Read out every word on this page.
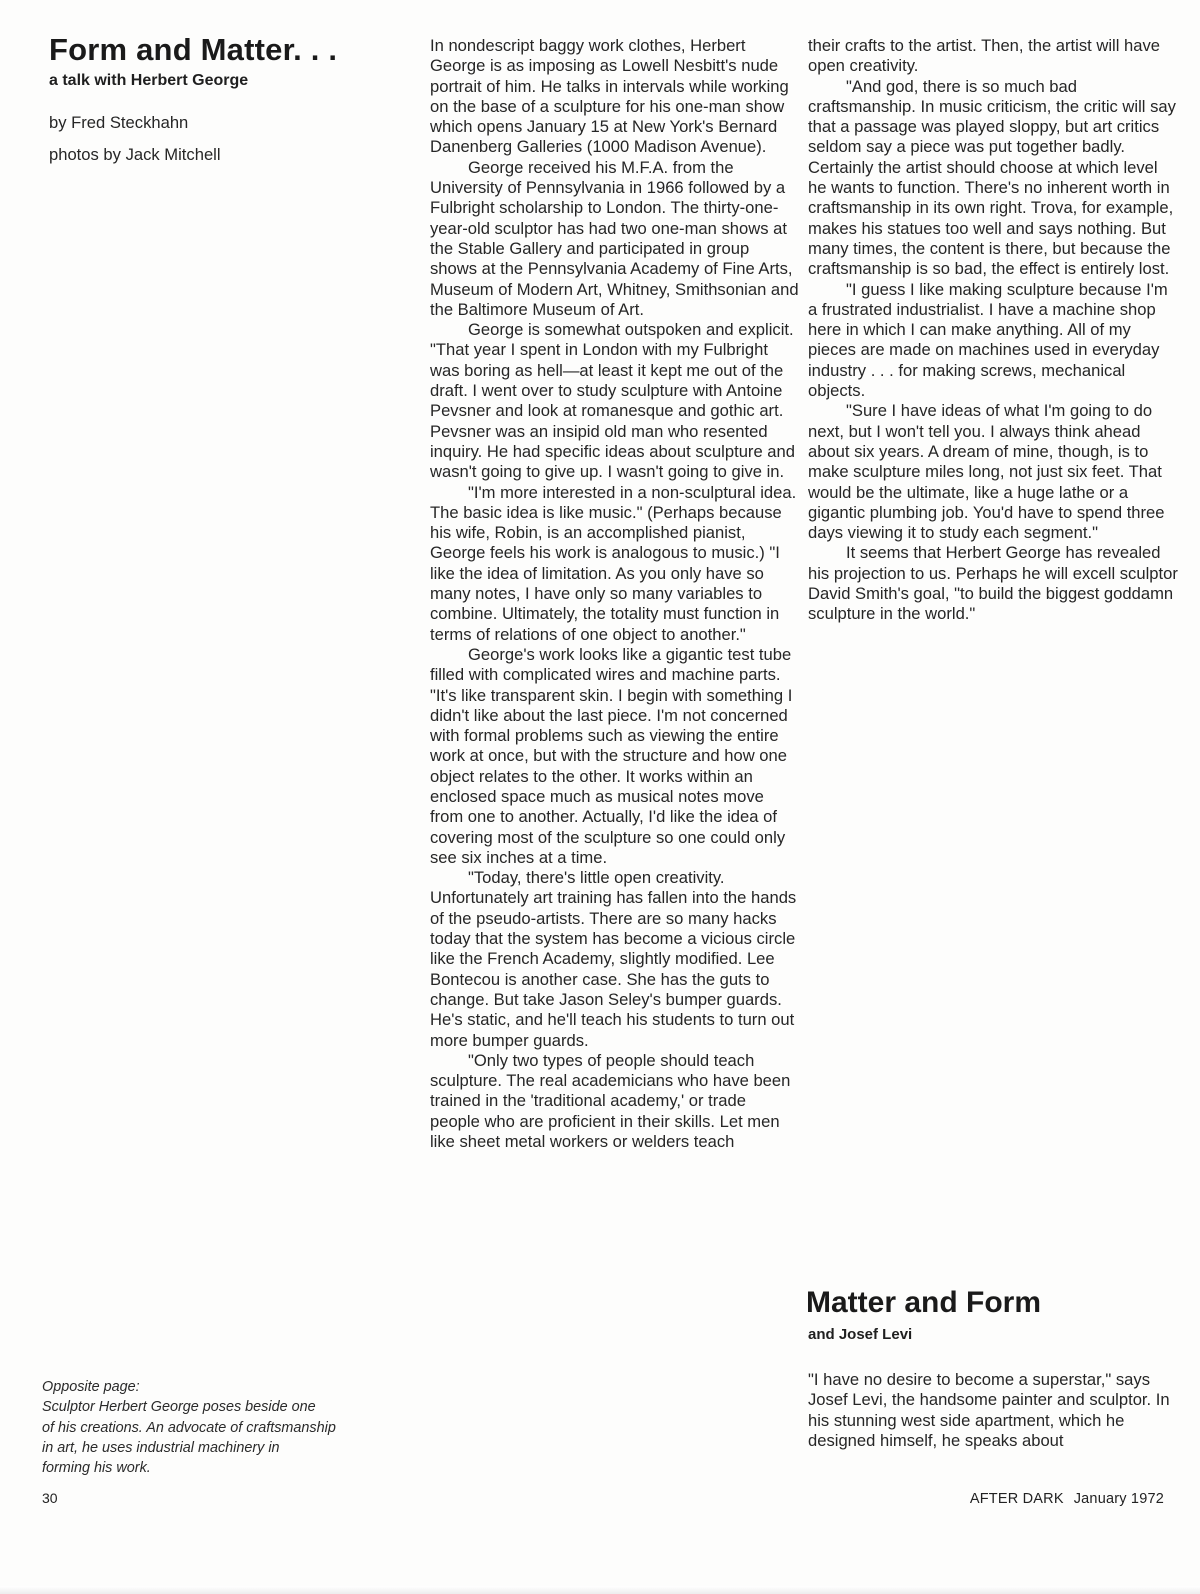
Form and Matter. . .
a talk with Herbert George
by Fred Steckhahn
photos by Jack Mitchell

In nondescript baggy work clothes, Herbert George is as imposing as Lowell Nesbitt's nude portrait of him. He talks in intervals while working on the base of a sculpture for his one-man show which opens January 15 at New York's Bernard Danenberg Galleries (1000 Madison Avenue).

George received his M.F.A. from the University of Pennsylvania in 1966 followed by a Fulbright scholarship to London. The thirty-one-year-old sculptor has had two one-man shows at the Stable Gallery and participated in group shows at the Pennsylvania Academy of Fine Arts, Museum of Modern Art, Whitney, Smithsonian and the Baltimore Museum of Art.

George is somewhat outspoken and explicit. "That year I spent in London with my Fulbright was boring as hell—at least it kept me out of the draft. I went over to study sculpture with Antoine Pevsner and look at romanesque and gothic art. Pevsner was an insipid old man who resented inquiry. He had specific ideas about sculpture and wasn't going to give up. I wasn't going to give in.

"I'm more interested in a non-sculptural idea. The basic idea is like music." (Perhaps because his wife, Robin, is an accomplished pianist, George feels his work is analogous to music.) "I like the idea of limitation. As you only have so many notes, I have only so many variables to combine. Ultimately, the totality must function in terms of relations of one object to another."

George's work looks like a gigantic test tube filled with complicated wires and machine parts. "It's like transparent skin. I begin with something I didn't like about the last piece. I'm not concerned with formal problems such as viewing the entire work at once, but with the structure and how one object relates to the other. It works within an enclosed space much as musical notes move from one to another. Actually, I'd like the idea of covering most of the sculpture so one could only see six inches at a time.

"Today, there's little open creativity. Unfortunately art training has fallen into the hands of the pseudo-artists. There are so many hacks today that the system has become a vicious circle like the French Academy, slightly modified. Lee Bontecou is another case. She has the guts to change. But take Jason Seley's bumper guards. He's static, and he'll teach his students to turn out more bumper guards.

"Only two types of people should teach sculpture. The real academicians who have been trained in the 'traditional academy,' or trade people who are proficient in their skills. Let men like sheet metal workers or welders teach

their crafts to the artist. Then, the artist will have open creativity.

"And god, there is so much bad craftsmanship. In music criticism, the critic will say that a passage was played sloppy, but art critics seldom say a piece was put together badly. Certainly the artist should choose at which level he wants to function. There's no inherent worth in craftsmanship in its own right. Trova, for example, makes his statues too well and says nothing. But many times, the content is there, but because the craftsmanship is so bad, the effect is entirely lost.

"I guess I like making sculpture because I'm a frustrated industrialist. I have a machine shop here in which I can make anything. All of my pieces are made on machines used in everyday industry . . . for making screws, mechanical objects.

"Sure I have ideas of what I'm going to do next, but I won't tell you. I always think ahead about six years. A dream of mine, though, is to make sculpture miles long, not just six feet. That would be the ultimate, like a huge lathe or a gigantic plumbing job. You'd have to spend three days viewing it to study each segment."

It seems that Herbert George has revealed his projection to us. Perhaps he will excell sculptor David Smith's goal, "to build the biggest goddamn sculpture in the world."

Matter and Form
and Josef Levi

"I have no desire to become a superstar," says Josef Levi, the handsome painter and sculptor. In his stunning west side apartment, which he designed himself, he speaks about

Opposite page:
Sculptor Herbert George poses beside one
of his creations. An advocate of craftsmanship
in art, he uses industrial machinery in
forming his work.
30	AFTER DARK January 1972
